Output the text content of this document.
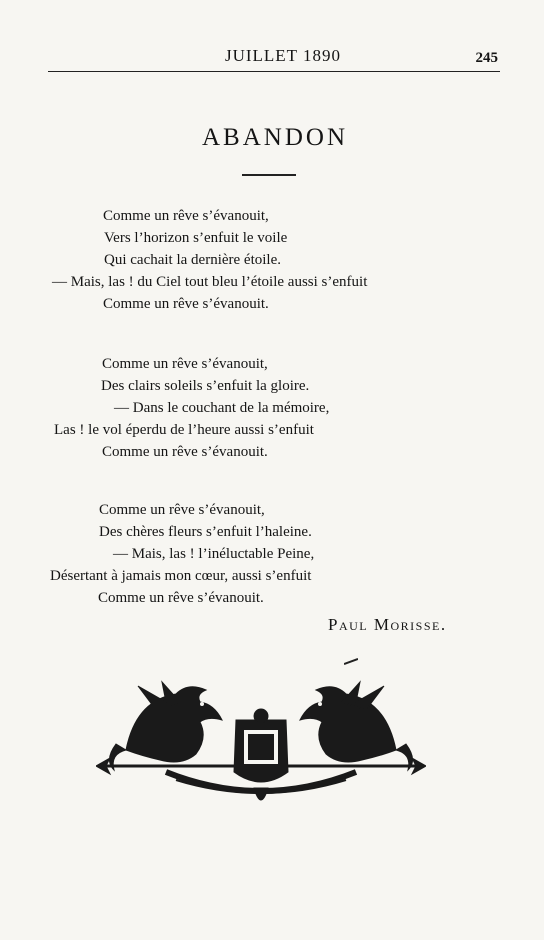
JUILLET 1890	245
ABANDON
Comme un rêve s’évanouit,
Vers l’horizon s’enfuit le voile
Qui cachait la dernière étoile.
— Mais, las ! du Ciel tout bleu l’étoile aussi s’enfuit
Comme un rêve s’évanouit.
Comme un rêve s’évanouit,
Des clairs soleils s’enfuit la gloire.
— Dans le couchant de la mémoire,
Las ! le vol éperdu de l’heure aussi s’enfuit
Comme un rêve s’évanouit.
Comme un rêve s’évanouit,
Des chères fleurs s’enfuit l’haleine.
— Mais, las ! l’inéluctable Peine,
Désertant à jamais mon cœur, aussi s’enfuit
Comme un rêve s’évanouit.
Paul Morisse.
